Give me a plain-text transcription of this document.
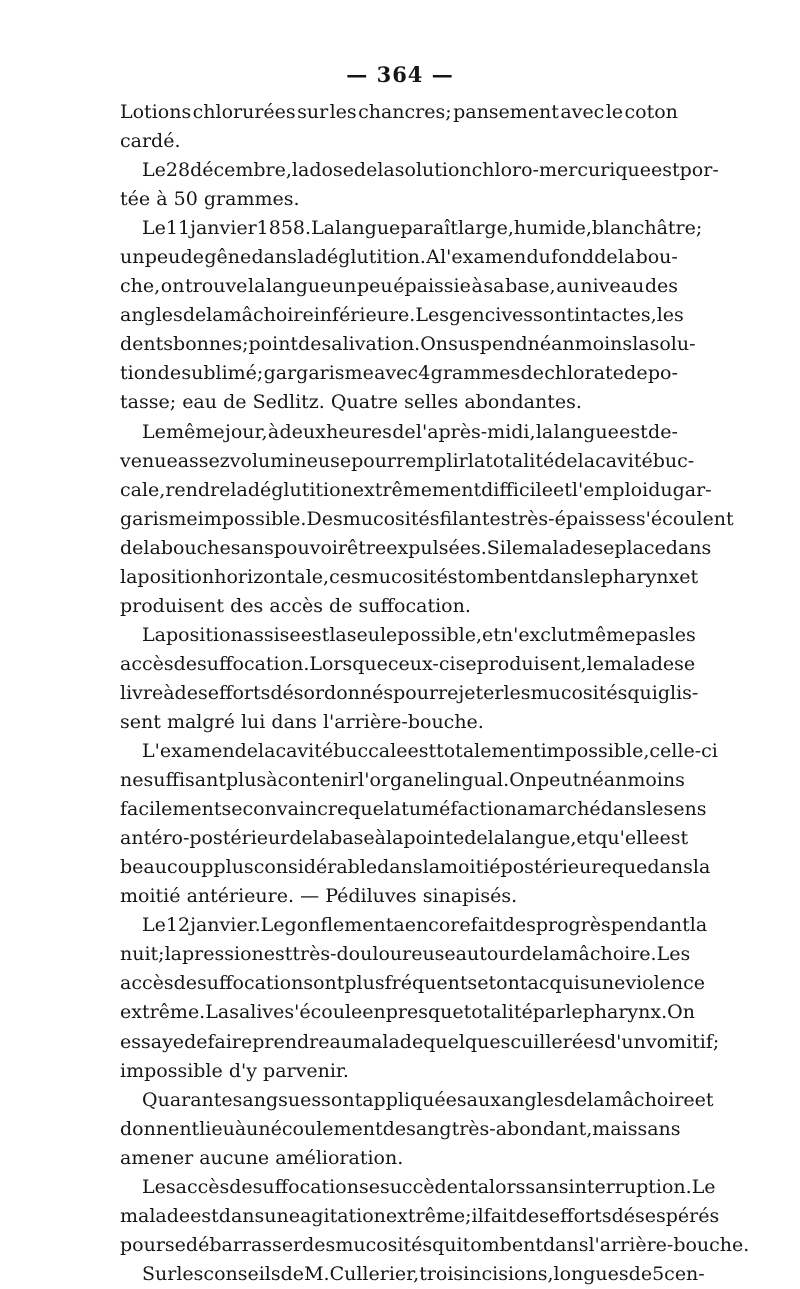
— 364 —
Lotions chlorurées sur les chancres; pansement avec le coton
cardé.
Le 28 décembre, la dose de la solution chloro-mercurique est por-
tée à 50 grammes.
Le 11 janvier 1858. La langue paraît large, humide, blanchâtre;
un peu de gêne dans la déglutition. A l'examen du fond de la bou-
che, on trouve la langue un peu épaissie à sa base, au niveau des
angles de la mâchoire inférieure. Les gencives sont intactes, les
dents bonnes; point de salivation. On suspend néanmoins la solu-
tion de sublimé; gargarisme avec 4 grammes de chlorate de po-
tasse; eau de Sedlitz. Quatre selles abondantes.
Le même jour, à deux heures de l'après-midi, la langue est de-
venue assez volumineuse pour remplir la totalité de la cavité buc-
cale, rendre la déglutition extrêmement difficile et l'emploi du gar-
garisme impossible. Des mucosités filantes très-épaisses s'écoulent
de la bouche sans pouvoir être expulsées. Si le malade se place dans
la position horizontale, ces mucosités tombent dans le pharynx et
produisent des accès de suffocation.
La position assise est la seule possible, et n'exclut même pas les
accès de suffocation. Lorsque ceux-ci se produisent, le malade se
livre à des efforts désordonnés pour rejeter les mucosités qui glis-
sent malgré lui dans l'arrière-bouche.
L'examen de la cavité buccale est totalement impossible, celle-ci
ne suffisant plus à contenir l'organe lingual. On peut néanmoins
facilement se convaincre que la tuméfaction a marché dans le sens
antéro-postérieur de la base à la pointe de la langue, et qu'elle est
beaucoup plus considérable dans la moitié postérieure que dans la
moitié antérieure. — Pédiluves sinapisés.
Le 12 janvier. Le gonflement a encore fait des progrès pendant la
nuit; la pression est très-douloureuse autour de la mâchoire. Les
accès de suffocation sont plus fréquents et ont acquis une violence
extrême. La salive s'écoule en presque totalité par le pharynx. On
essaye de faire prendre au malade quelques cuillerées d'un vomitif;
impossible d'y parvenir.
Quarante sangsues sont appliquées aux angles de la mâchoire et
donnent lieu à un écoulement de sang très-abondant, mais sans
amener aucune amélioration.
Les accès de suffocation se succèdent alors sans interruption. Le
malade est dans une agitation extrême; il fait des efforts désespérés
pour se débarrasser des mucosités qui tombent dans l'arrière-bouche.
Sur les conseils de M. Cullerier, trois incisions, longues de 5 cen-
